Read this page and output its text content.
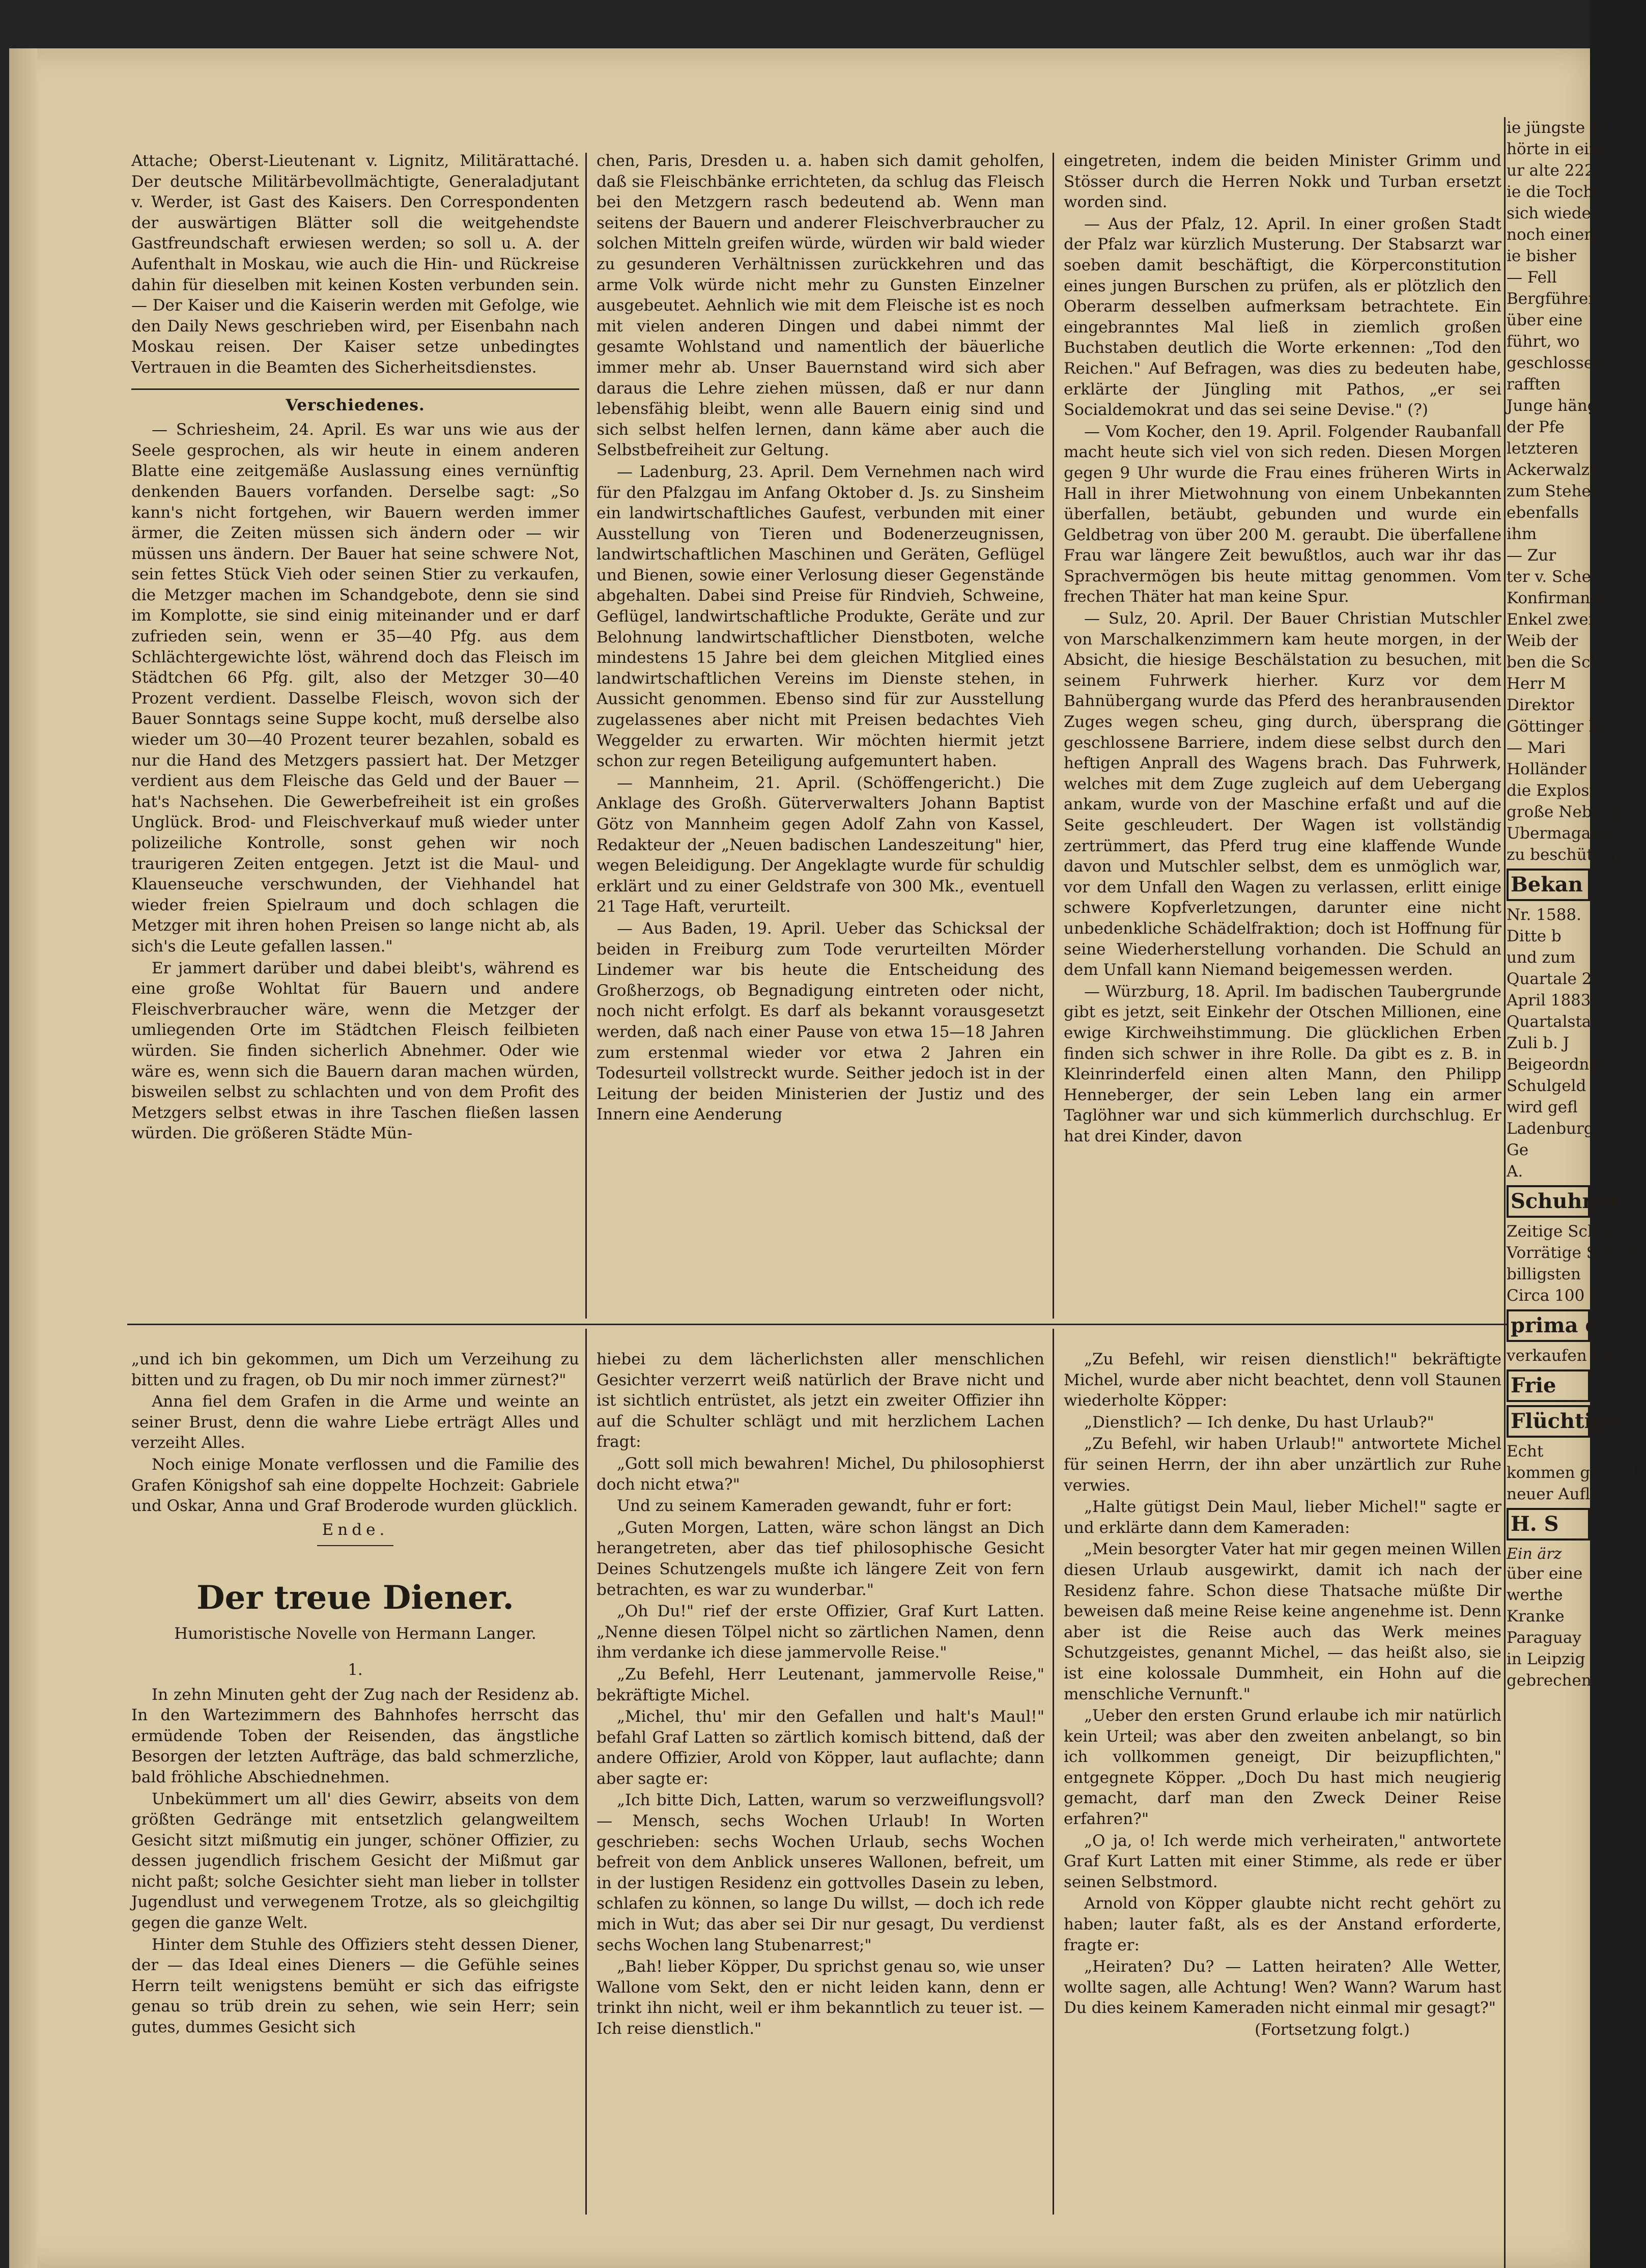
Attache; Oberst-Lieutenant v. Lignitz, Militärattaché. Der deutsche Militärbevollmächtigte, Generaladjutant v. Werder, ist Gast des Kaisers. Den Correspondenten der auswärtigen Blätter soll die weitgehendste Gastfreundschaft erwiesen werden; so soll u. A. der Aufenthalt in Moskau, wie auch die Hin- und Rückreise dahin für dieselben mit keinen Kosten verbunden sein. — Der Kaiser und die Kaiserin werden mit Gefolge, wie den Daily News geschrieben wird, per Eisenbahn nach Moskau reisen. Der Kaiser setze unbedingtes Vertrauen in die Beamten des Sicherheitsdienstes.

Verschiedenes.

— Schriesheim, 24. April. Es war uns wie aus der Seele gesprochen, als wir heute in einem anderen Blatte eine zeitgemäße Auslassung eines vernünftig denkenden Bauers vorfanden. Derselbe sagt: „So kann's nicht fortgehen, wir Bauern werden immer ärmer, die Zeiten müssen sich ändern oder — wir müssen uns ändern. Der Bauer hat seine schwere Not, sein fettes Stück Vieh oder seinen Stier zu verkaufen, die Metzger machen im Schandgebote, denn sie sind im Komplotte, sie sind einig miteinander und er darf zufrieden sein, wenn er 35—40 Pfg. aus dem Schlächtergewichte löst, während doch das Fleisch im Städtchen 66 Pfg. gilt, also der Metzger 30—40 Prozent verdient. Dasselbe Fleisch, wovon sich der Bauer Sonntags seine Suppe kocht, muß derselbe also wieder um 30—40 Prozent teurer bezahlen, sobald es nur die Hand des Metzgers passiert hat. Der Metzger verdient aus dem Fleische das Geld und der Bauer — hat's Nachsehen. Die Gewerbefreiheit ist ein großes Unglück. Brod- und Fleischverkauf muß wieder unter polizeiliche Kontrolle, sonst gehen wir noch traurigeren Zeiten entgegen. Jetzt ist die Maul- und Klauenseuche verschwunden, der Viehhandel hat wieder freien Spielraum und doch schlagen die Metzger mit ihren hohen Preisen so lange nicht ab, als sich's die Leute gefallen lassen."

Er jammert darüber und dabei bleibt's, während es eine große Wohltat für Bauern und andere Fleischverbraucher wäre, wenn die Metzger der umliegenden Orte im Städtchen Fleisch feilbieten würden. Sie finden sicherlich Abnehmer. Oder wie wäre es, wenn sich die Bauern daran machen würden, bisweilen selbst zu schlachten und von dem Profit des Metzgers selbst etwas in ihre Taschen fließen lassen würden. Die größeren Städte Mün-

chen, Paris, Dresden u. a. haben sich damit geholfen, daß sie Fleischbänke errichteten, da schlug das Fleisch bei den Metzgern rasch bedeutend ab. Wenn man seitens der Bauern und anderer Fleischverbraucher zu solchen Mitteln greifen würde, würden wir bald wieder zu gesunderen Verhältnissen zurückkehren und das arme Volk würde nicht mehr zu Gunsten Einzelner ausgebeutet. Aehnlich wie mit dem Fleische ist es noch mit vielen anderen Dingen und dabei nimmt der gesamte Wohlstand und namentlich der bäuerliche immer mehr ab. Unser Bauernstand wird sich aber daraus die Lehre ziehen müssen, daß er nur dann lebensfähig bleibt, wenn alle Bauern einig sind und sich selbst helfen lernen, dann käme aber auch die Selbstbefreiheit zur Geltung.

— Ladenburg, 23. April. Dem Vernehmen nach wird für den Pfalzgau im Anfang Oktober d. Js. zu Sinsheim ein landwirtschaftliches Gaufest, verbunden mit einer Ausstellung von Tieren und Bodenerzeugnissen, landwirtschaftlichen Maschinen und Geräten, Geflügel und Bienen, sowie einer Verlosung dieser Gegenstände abgehalten. Dabei sind Preise für Rindvieh, Schweine, Geflügel, landwirtschaftliche Produkte, Geräte und zur Belohnung landwirtschaftlicher Dienstboten, welche mindestens 15 Jahre bei dem gleichen Mitglied eines landwirtschaftlichen Vereins im Dienste stehen, in Aussicht genommen. Ebenso sind für zur Ausstellung zugelassenes aber nicht mit Preisen bedachtes Vieh Weggelder zu erwarten. Wir möchten hiermit jetzt schon zur regen Beteiligung aufgemuntert haben.

— Mannheim, 21. April. (Schöffengericht.) Die Anklage des Großh. Güterverwalters Johann Baptist Götz von Mannheim gegen Adolf Zahn von Kassel, Redakteur der „Neuen badischen Landeszeitung" hier, wegen Beleidigung. Der Angeklagte wurde für schuldig erklärt und zu einer Geldstrafe von 300 Mk., eventuell 21 Tage Haft, verurteilt.

— Aus Baden, 19. April. Ueber das Schicksal der beiden in Freiburg zum Tode verurteilten Mörder Lindemer war bis heute die Entscheidung des Großherzogs, ob Begnadigung eintreten oder nicht, noch nicht erfolgt. Es darf als bekannt vorausgesetzt werden, daß nach einer Pause von etwa 15—18 Jahren zum erstenmal wieder vor etwa 2 Jahren ein Todesurteil vollstreckt wurde. Seither jedoch ist in der Leitung der beiden Ministerien der Justiz und des Innern eine Aenderung

eingetreten, indem die beiden Minister Grimm und Stösser durch die Herren Nokk und Turban ersetzt worden sind.

— Aus der Pfalz, 12. April. In einer großen Stadt der Pfalz war kürzlich Musterung. Der Stabsarzt war soeben damit beschäftigt, die Körperconstitution eines jungen Burschen zu prüfen, als er plötzlich den Oberarm desselben aufmerksam betrachtete. Ein eingebranntes Mal ließ in ziemlich großen Buchstaben deutlich die Worte erkennen: „Tod den Reichen." Auf Befragen, was dies zu bedeuten habe, erklärte der Jüngling mit Pathos, „er sei Socialdemokrat und das sei seine Devise." (?)

— Vom Kocher, den 19. April. Folgender Raubanfall macht heute sich viel von sich reden. Diesen Morgen gegen 9 Uhr wurde die Frau eines früheren Wirts in Hall in ihrer Mietwohnung von einem Unbekannten überfallen, betäubt, gebunden und wurde ein Geldbetrag von über 200 M. geraubt. Die überfallene Frau war längere Zeit bewußtlos, auch war ihr das Sprachvermögen bis heute mittag genommen. Vom frechen Thäter hat man keine Spur.

— Sulz, 20. April. Der Bauer Christian Mutschler von Marschalkenzimmern kam heute morgen, in der Absicht, die hiesige Beschälstation zu besuchen, mit seinem Fuhrwerk hierher. Kurz vor dem Bahnübergang wurde das Pferd des heranbrausenden Zuges wegen scheu, ging durch, übersprang die geschlossene Barriere, indem diese selbst durch den heftigen Anprall des Wagens brach. Das Fuhrwerk, welches mit dem Zuge zugleich auf dem Uebergang ankam, wurde von der Maschine erfaßt und auf die Seite geschleudert. Der Wagen ist vollständig zertrümmert, das Pferd trug eine klaffende Wunde davon und Mutschler selbst, dem es unmöglich war, vor dem Unfall den Wagen zu verlassen, erlitt einige schwere Kopfverletzungen, darunter eine nicht unbedenkliche Schädelfraktion; doch ist Hoffnung für seine Wiederherstellung vorhanden. Die Schuld an dem Unfall kann Niemand beigemessen werden.

— Würzburg, 18. April. Im badischen Taubergrunde gibt es jetzt, seit Einkehr der Otschen Millionen, eine ewige Kirchweihstimmung. Die glücklichen Erben finden sich schwer in ihre Rolle. Da gibt es z. B. in Kleinrinderfeld einen alten Mann, den Philipp Henneberger, der sein Leben lang ein armer Taglöhner war und sich kümmerlich durchschlug. Er hat drei Kinder, davon

„und ich bin gekommen, um Dich um Verzeihung zu bitten und zu fragen, ob Du mir noch immer zürnest?"

Anna fiel dem Grafen in die Arme und weinte an seiner Brust, denn die wahre Liebe erträgt Alles und verzeiht Alles.

Noch einige Monate verflossen und die Familie des Grafen Königshof sah eine doppelte Hochzeit: Gabriele und Oskar, Anna und Graf Broderode wurden glücklich.

Ende.

Der treue Diener.

Humoristische Novelle von Hermann Langer.

1.

In zehn Minuten geht der Zug nach der Residenz ab. In den Wartezimmern des Bahnhofes herrscht das ermüdende Toben der Reisenden, das ängstliche Besorgen der letzten Aufträge, das bald schmerzliche, bald fröhliche Abschiednehmen.

Unbekümmert um all' dies Gewirr, abseits von dem größten Gedränge mit entsetzlich gelangweiltem Gesicht sitzt mißmutig ein junger, schöner Offizier, zu dessen jugendlich frischem Gesicht der Mißmut gar nicht paßt; solche Gesichter sieht man lieber in tollster Jugendlust und verwegenem Trotze, als so gleichgiltig gegen die ganze Welt.

Hinter dem Stuhle des Offiziers steht dessen Diener, der — das Ideal eines Dieners — die Gefühle seines Herrn teilt wenigstens bemüht er sich das eifrigste genau so trüb drein zu sehen, wie sein Herr; sein gutes, dummes Gesicht sich

hiebei zu dem lächerlichsten aller menschlichen Gesichter verzerrt weiß natürlich der Brave nicht und ist sichtlich entrüstet, als jetzt ein zweiter Offizier ihn auf die Schulter schlägt und mit herzlichem Lachen fragt:

„Gott soll mich bewahren! Michel, Du philosophierst doch nicht etwa?"

Und zu seinem Kameraden gewandt, fuhr er fort:

„Guten Morgen, Latten, wäre schon längst an Dich herangetreten, aber das tief philosophische Gesicht Deines Schutzengels mußte ich längere Zeit von fern betrachten, es war zu wunderbar."

„Oh Du!" rief der erste Offizier, Graf Kurt Latten. „Nenne diesen Tölpel nicht so zärtlichen Namen, denn ihm verdanke ich diese jammervolle Reise."

„Zu Befehl, Herr Leutenant, jammervolle Reise," bekräftigte Michel.

„Michel, thu' mir den Gefallen und halt's Maul!" befahl Graf Latten so zärtlich komisch bittend, daß der andere Offizier, Arold von Köpper, laut auflachte; dann aber sagte er:

„Ich bitte Dich, Latten, warum so verzweiflungsvoll? — Mensch, sechs Wochen Urlaub! In Worten geschrieben: sechs Wochen Urlaub, sechs Wochen befreit von dem Anblick unseres Wallonen, befreit, um in der lustigen Residenz ein gottvolles Dasein zu leben, schlafen zu können, so lange Du willst, — doch ich rede mich in Wut; das aber sei Dir nur gesagt, Du verdienst sechs Wochen lang Stubenarrest;"

„Bah! lieber Köpper, Du sprichst genau so, wie unser Wallone vom Sekt, den er nicht leiden kann, denn er trinkt ihn nicht, weil er ihm bekanntlich zu teuer ist. — Ich reise dienstlich."

„Zu Befehl, wir reisen dienstlich!" bekräftigte Michel, wurde aber nicht beachtet, denn voll Staunen wiederholte Köpper:

„Dienstlich? — Ich denke, Du hast Urlaub?"

„Zu Befehl, wir haben Urlaub!" antwortete Michel für seinen Herrn, der ihn aber unzärtlich zur Ruhe verwies.

„Halte gütigst Dein Maul, lieber Michel!" sagte er und erklärte dann dem Kameraden:

„Mein besorgter Vater hat mir gegen meinen Willen diesen Urlaub ausgewirkt, damit ich nach der Residenz fahre. Schon diese Thatsache müßte Dir beweisen daß meine Reise keine angenehme ist. Denn aber ist die Reise auch das Werk meines Schutzgeistes, genannt Michel, — das heißt also, sie ist eine kolossale Dummheit, ein Hohn auf die menschliche Vernunft."

„Ueber den ersten Grund erlaube ich mir natürlich kein Urteil; was aber den zweiten anbelangt, so bin ich vollkommen geneigt, Dir beizupflichten," entgegnete Köpper. „Doch Du hast mich neugierig gemacht, darf man den Zweck Deiner Reise erfahren?"

„O ja, o! Ich werde mich verheiraten," antwortete Graf Kurt Latten mit einer Stimme, als rede er über seinen Selbstmord.

Arnold von Köpper glaubte nicht recht gehört zu haben; lauter faßt, als es der Anstand erforderte, fragte er:

„Heiraten? Du? — Latten heiraten? Alle Wetter, wollte sagen, alle Achtung! Wen? Wann? Warum hast Du dies keinem Kameraden nicht einmal mir gesagt?"

(Fortsetzung folgt.)

ie jüngste 11
hörte in eine
ur alte 222,0
ie die Tochte
sich wieder
noch einem
ie bisher
— Fell
Bergführer
über eine
führt, wo
geschlossen
rafften
Junge hängen
der Pfe
letzteren
Ackerwalze
zum Stehen
ebenfalls
ihm
— Zur
ter v. Sche
Konfirmande u
Enkel zwei
Weib der
ben die Sch
Herr M
Direktor
Göttinger Fl
— Mari
Holländer
die Explosi
große Nebeng
Ubermagazins
zu beschützen
Bekan
Nr. 1588.
Ditte b
und zum
Quartale 2
April 1883
Quartalsta
Zuli b. J
Beigeordneter
Schulgeld
wird gefl
Ladenburg,
Ge
A.
Schuhmo
Zeitige Schuhe
Vorrätige Schuhe
billigsten
Circa 100 S
prima c
verkaufen bei
Frie
Flüchtige
Echt
kommen gegen h
neuer Aufl
H. S
Ein ärz
über eine
werthe
Kranke
Paraguay
in Leipzig
gebrechen
